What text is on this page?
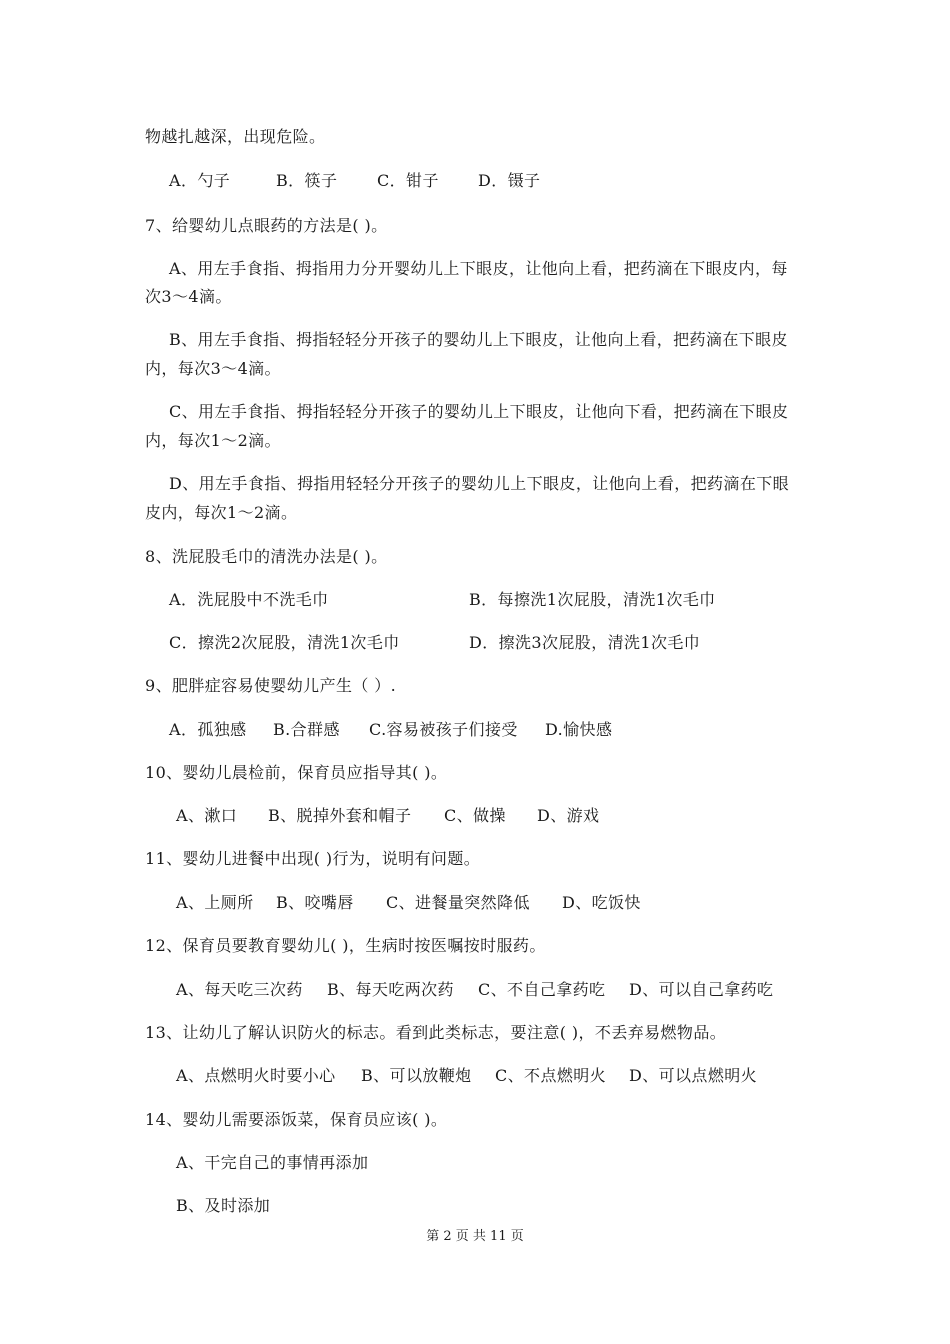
物越扎越深，出现危险。
A．勺子	B．筷子 C．钳子 D．镊子
7、给婴幼儿点眼药的方法是( )。
A、用左手食指、拇指用力分开婴幼儿上下眼皮，让他向上看，把药滴在下眼皮内，每
次3～4滴。
B、用左手食指、拇指轻轻分开孩子的婴幼儿上下眼皮，让他向上看，把药滴在下眼皮
内，每次3～4滴。
C、用左手食指、拇指轻轻分开孩子的婴幼儿上下眼皮，让他向下看，把药滴在下眼皮
内，每次1～2滴。
D、用左手食指、拇指用轻轻分开孩子的婴幼儿上下眼皮，让他向上看，把药滴在下眼
皮内，每次1～2滴。
8、洗屁股毛巾的清洗办法是( )。
A．洗屁股中不洗毛巾	B．每擦洗1次屁股，清洗1次毛巾
C．擦洗2次屁股，清洗1次毛巾	D．擦洗3次屁股，清洗1次毛巾
9、肥胖症容易使婴幼儿产生（ ）.
A．孤独感 B.合群感 C.容易被孩子们接受 D.愉快感
10、婴幼儿晨检前，保育员应指导其( )。
A、漱口 B、脱掉外套和帽子 C、做操 D、游戏
11、婴幼儿进餐中出现( )行为，说明有问题。
A、上厕所 B、咬嘴唇 C、进餐量突然降低 D、吃饭快
12、保育员要教育婴幼儿( )，生病时按医嘱按时服药。
A、每天吃三次药 B、每天吃两次药 C、不自己拿药吃 D、可以自己拿药吃
13、让幼儿了解认识防火的标志。看到此类标志，要注意( )，不丢弃易燃物品。
A、点燃明火时要小心 B、可以放鞭炮 C、不点燃明火 D、可以点燃明火
14、婴幼儿需要添饭菜，保育员应该( )。
A、干完自己的事情再添加
B、及时添加
第 2 页 共 11 页
